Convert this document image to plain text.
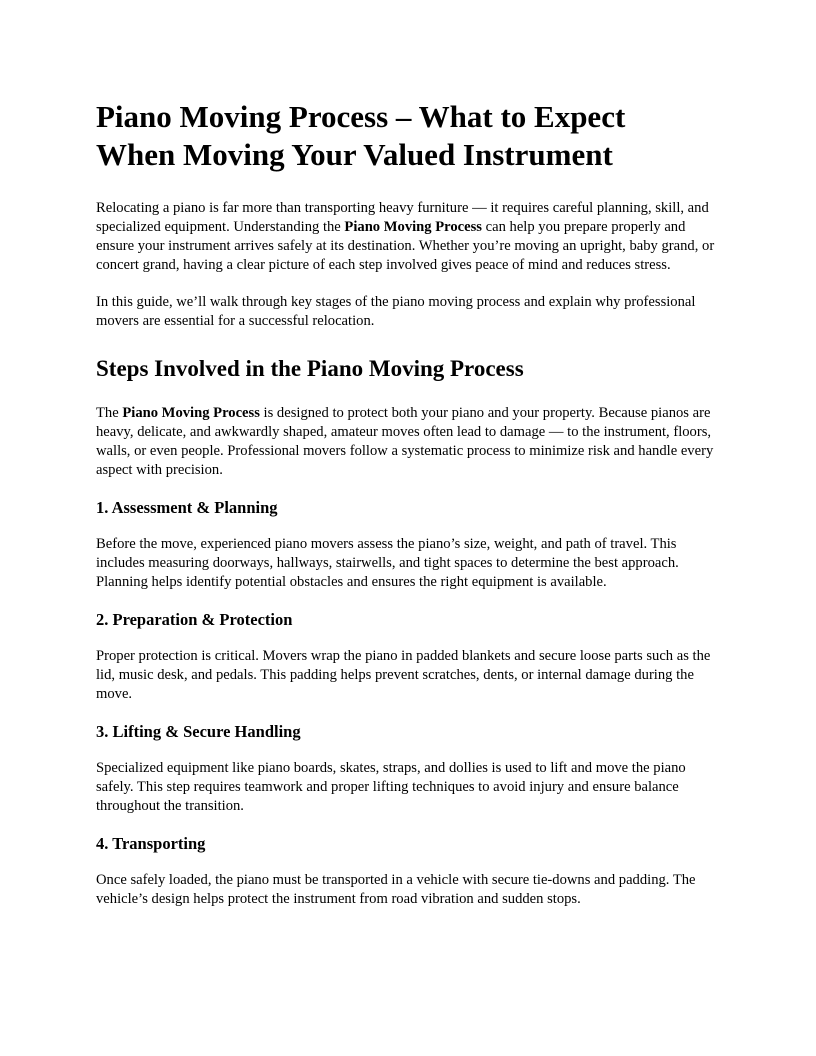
Piano Moving Process – What to Expect
When Moving Your Valued Instrument

Relocating a piano is far more than transporting heavy furniture — it requires careful planning, skill, and specialized equipment. Understanding the Piano Moving Process can help you prepare properly and ensure your instrument arrives safely at its destination. Whether you’re moving an upright, baby grand, or concert grand, having a clear picture of each step involved gives peace of mind and reduces stress.

In this guide, we’ll walk through key stages of the piano moving process and explain why professional movers are essential for a successful relocation.

Steps Involved in the Piano Moving Process

The Piano Moving Process is designed to protect both your piano and your property. Because pianos are heavy, delicate, and awkwardly shaped, amateur moves often lead to damage — to the instrument, floors, walls, or even people. Professional movers follow a systematic process to minimize risk and handle every aspect with precision.

1. Assessment & Planning

Before the move, experienced piano movers assess the piano’s size, weight, and path of travel. This includes measuring doorways, hallways, stairwells, and tight spaces to determine the best approach. Planning helps identify potential obstacles and ensures the right equipment is available.

2. Preparation & Protection

Proper protection is critical. Movers wrap the piano in padded blankets and secure loose parts such as the lid, music desk, and pedals. This padding helps prevent scratches, dents, or internal damage during the move.

3. Lifting & Secure Handling

Specialized equipment like piano boards, skates, straps, and dollies is used to lift and move the piano safely. This step requires teamwork and proper lifting techniques to avoid injury and ensure balance throughout the transition.

4. Transporting

Once safely loaded, the piano must be transported in a vehicle with secure tie-downs and padding. The vehicle’s design helps protect the instrument from road vibration and sudden stops.
